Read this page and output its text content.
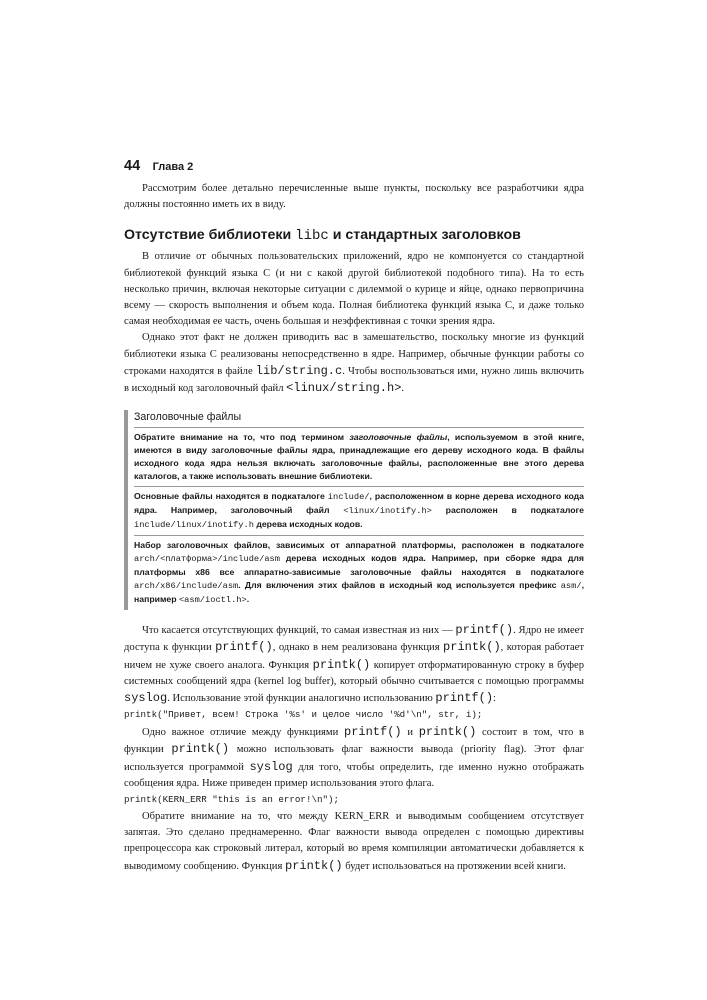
44 Глава 2

Рассмотрим более детально перечисленные выше пункты, поскольку все разработчики ядра должны постоянно иметь их в виду.

Отсутствие библиотеки libc и стандартных заголовков

В отличие от обычных пользовательских приложений, ядро не компонуется со стандартной библиотекой функций языка C (и ни с какой другой библиотекой подобного типа). На то есть несколько причин, включая некоторые ситуации с дилеммой о курице и яйце, однако первопричина всему — скорость выполнения и объем кода. Полная библиотека функций языка C, и даже только самая необходимая ее часть, очень большая и неэффективная с точки зрения ядра.

Однако этот факт не должен приводить вас в замешательство, поскольку многие из функций библиотеки языка C реализованы непосредственно в ядре. Например, обычные функции работы со строками находятся в файле lib/string.c. Чтобы воспользоваться ими, нужно лишь включить в исходный код заголовочный файл <linux/string.h>.

Заголовочные файлы
Обратите внимание на то, что под термином заголовочные файлы, используемом в этой книге, имеются в виду заголовочные файлы ядра, принадлежащие его дереву исходного кода. В файлы исходного кода ядра нельзя включать заголовочные файлы, расположенные вне этого дерева каталогов, а также использовать внешние библиотеки.
Основные файлы находятся в подкаталоге include/, расположенном в корне дерева исходного кода ядра. Например, заголовочный файл <linux/inotify.h> расположен в подкаталоге include/linux/inotify.h дерева исходных кодов.
Набор заголовочных файлов, зависимых от аппаратной платформы, расположен в подкаталоге arch/<платформа>/include/asm дерева исходных кодов ядра. Например, при сборке ядра для платформы x86 все аппаратно-зависимые заголовочные файлы находятся в подкаталоге arch/x86/include/asm. Для включения этих файлов в исходный код используется префикс asm/, например <asm/ioctl.h>.

Что касается отсутствующих функций, то самая известная из них — printf(). Ядро не имеет доступа к функции printf(), однако в нем реализована функция printk(), которая работает ничем не хуже своего аналога. Функция printk() копирует отформатированную строку в буфер системных сообщений ядра (kernel log buffer), который обычно считывается с помощью программы syslog. Использование этой функции аналогично использованию printf():

printk("Привет, всем! Строка '%s' и целое число '%d'\n", str, i);

Одно важное отличие между функциями printf() и printk() состоит в том, что в функции printk() можно использовать флаг важности вывода (priority flag). Этот флаг используется программой syslog для того, чтобы определить, где именно нужно отображать сообщения ядра. Ниже приведен пример использования этого флага.

printk(KERN_ERR "this is an error!\n");

Обратите внимание на то, что между KERN_ERR и выводимым сообщением отсутствует запятая. Это сделано преднамеренно. Флаг важности вывода определен с помощью директивы препроцессора как строковый литерал, который во время компиляции автоматически добавляется к выводимому сообщению. Функция printk() будет использоваться на протяжении всей книги.
